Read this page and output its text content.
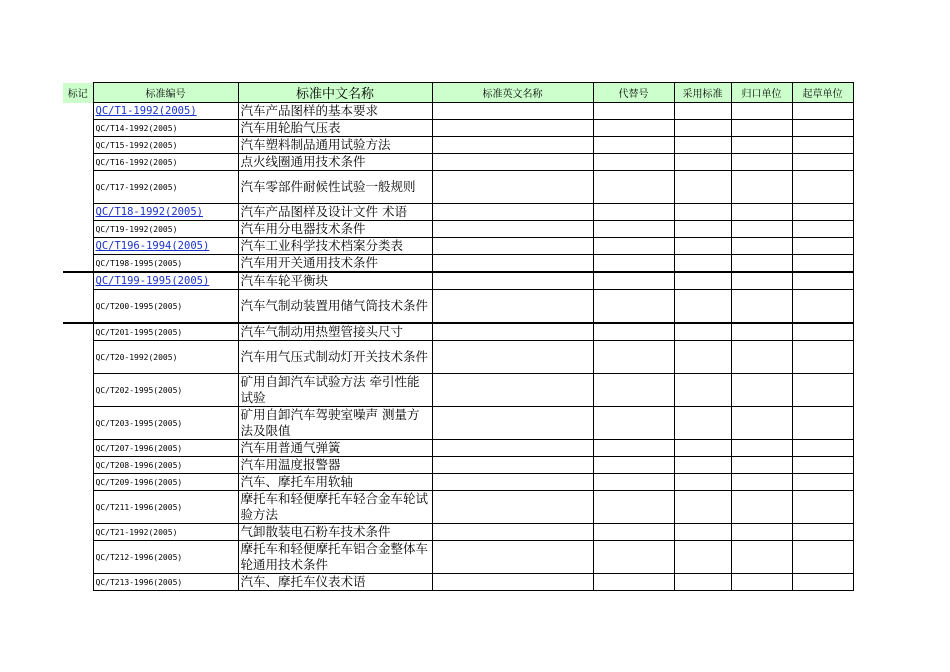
标记	标准编号	标准中文名称	标准英文名称	代替号	采用标准	归口单位	起草单位
	QC/T1-1992(2005)	汽车产品图样的基本要求					
	QC/T14-1992(2005)	汽车用轮胎气压表					
	QC/T15-1992(2005)	汽车塑料制品通用试验方法					
	QC/T16-1992(2005)	点火线圈通用技术条件					
	QC/T17-1992(2005)	汽车零部件耐候性试验一般规则					
	QC/T18-1992(2005)	汽车产品图样及设计文件 术语					
	QC/T19-1992(2005)	汽车用分电器技术条件					
	QC/T196-1994(2005)	汽车工业科学技术档案分类表					
	QC/T198-1995(2005)	汽车用开关通用技术条件					
	QC/T199-1995(2005)	汽车车轮平衡块					
	QC/T200-1995(2005)	汽车气制动装置用储气筒技术条件					
	QC/T201-1995(2005)	汽车气制动用热塑管接头尺寸					
	QC/T20-1992(2005)	汽车用气压式制动灯开关技术条件					
	QC/T202-1995(2005)	矿用自卸汽车试验方法 牵引性能试验					
	QC/T203-1995(2005)	矿用自卸汽车驾驶室噪声 测量方法及限值					
	QC/T207-1996(2005)	汽车用普通气弹簧					
	QC/T208-1996(2005)	汽车用温度报警器					
	QC/T209-1996(2005)	汽车、摩托车用软轴					
	QC/T211-1996(2005)	摩托车和轻便摩托车轻合金车轮试验方法					
	QC/T21-1992(2005)	气卸散装电石粉车技术条件					
	QC/T212-1996(2005)	摩托车和轻便摩托车铝合金整体车轮通用技术条件					
	QC/T213-1996(2005)	汽车、摩托车仪表术语					
